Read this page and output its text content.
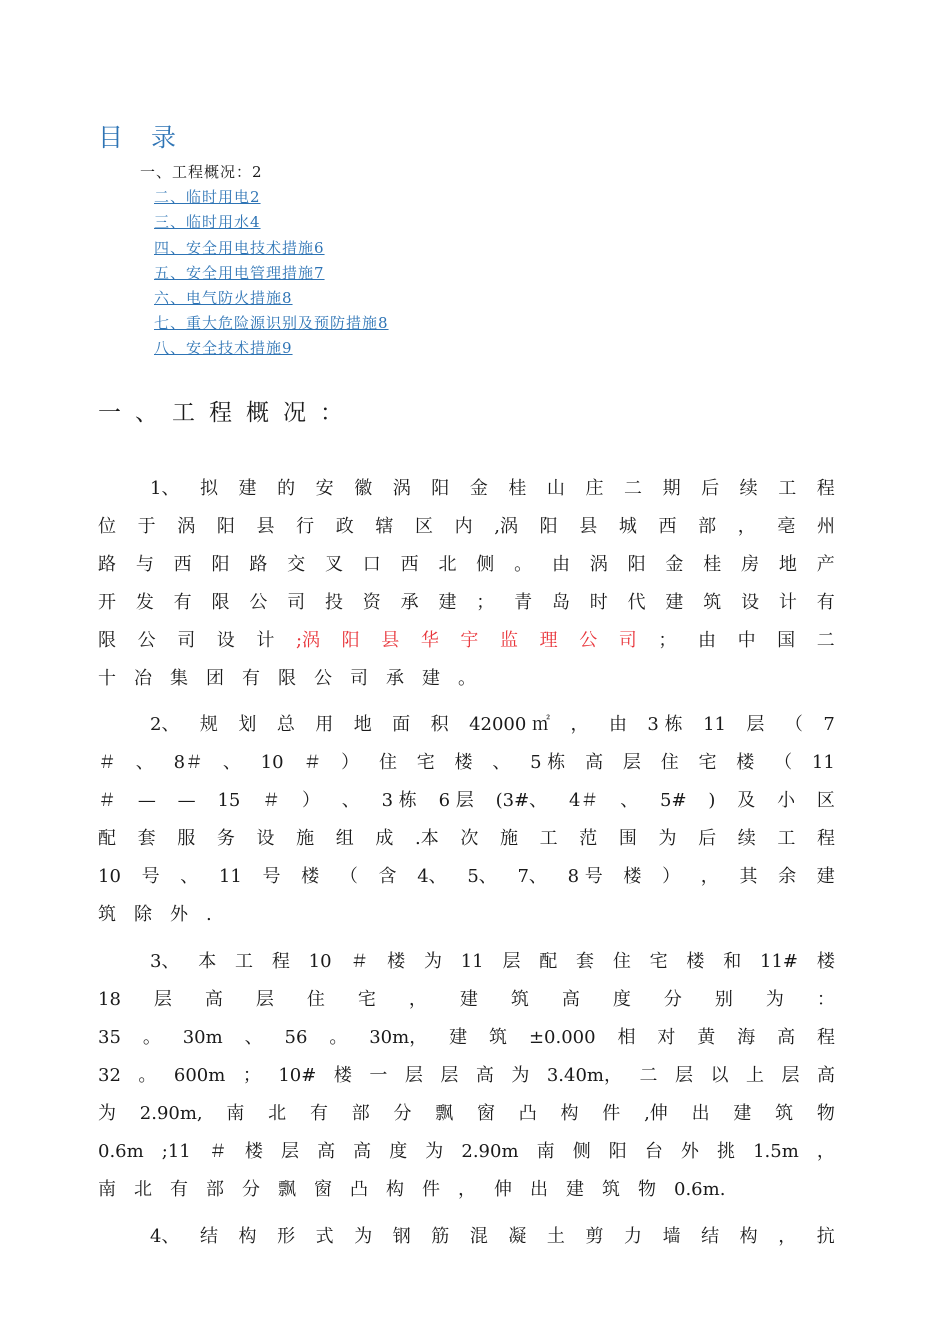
目 录
一、工程概况：2
二、临时用电2
三、临时用水4
四、安全用电技术措施6
五、安全用电管理措施7
六、电气防火措施8
七、重大危险源识别及预防措施8
八、安全技术措施9
一、工程概况：
1、 拟 建 的 安 徽 涡 阳 金 桂 山 庄 二 期 后 续 工 程
位 于 涡 阳 县 行 政 辖 区 内 ,涡 阳 县 城 西 部 ， 亳 州
路 与 西 阳 路 交 叉 口 西 北 侧 。 由 涡 阳 金 桂 房 地 产
开 发 有 限 公 司 投 资 承 建 ； 青 岛 时 代 建 筑 设 计 有
限 公 司 设 计 ;涡 阳 县 华 宇 监 理 公 司 ； 由 中 国 二
十 冶 集 团 有 限 公 司 承 建 。
2、 规 划 总 用 地 面 积 42000 ㎡ ， 由 3 栋 11 层 （ 7
＃ 、 8＃ 、 10 ＃ ） 住 宅 楼 、 5 栋 高 层 住 宅 楼 （ 11
＃ — — 15 ＃ ） 、 3 栋 6 层 (3#、 4＃ 、 5# ) 及 小 区
配 套 服 务 设 施 组 成 .本 次 施 工 范 围 为 后 续 工 程
10 号 、 11 号 楼 （ 含 4、 5、 7、 8 号 楼 ） ， 其 余 建
筑 除 外 .
3、 本 工 程 10 ＃ 楼 为 11 层 配 套 住 宅 楼 和 11# 楼
18 层 高 层 住 宅 ， 建 筑 高 度 分 别 为 ：
35 。 30m 、 56 。 30m， 建 筑 ±0.000 相 对 黄 海 高 程
32 。 600m ； 10# 楼 一 层 层 高 为 3.40m， 二 层 以 上 层 高
为 2.90m, 南 北 有 部 分 飘 窗 凸 构 件 ,伸 出 建 筑 物
0.6m ;11 ＃ 楼 层 高 高 度 为 2.90m 南 侧 阳 台 外 挑 1.5m ，
南 北 有 部 分 飘 窗 凸 构 件 ， 伸 出 建 筑 物 0.6m.
4、 结 构 形 式 为 钢 筋 混 凝 土 剪 力 墙 结 构 ， 抗
